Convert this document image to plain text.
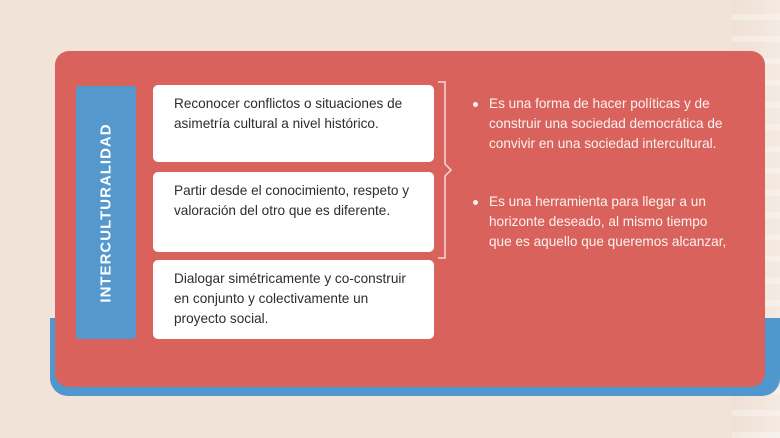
INTERCULTURALIDAD
Reconocer conflictos o situaciones de asimetría cultural a nivel histórico.
Partir desde el conocimiento, respeto y valoración del otro que es diferente.
Dialogar simétricamente y co-construir en conjunto y colectivamente un proyecto social.
Es una forma de hacer políticas y de construir una sociedad democrática de convivir en una sociedad intercultural.
Es una herramienta para llegar a un horizonte deseado, al mismo tiempo que es aquello que queremos alcanzar,
